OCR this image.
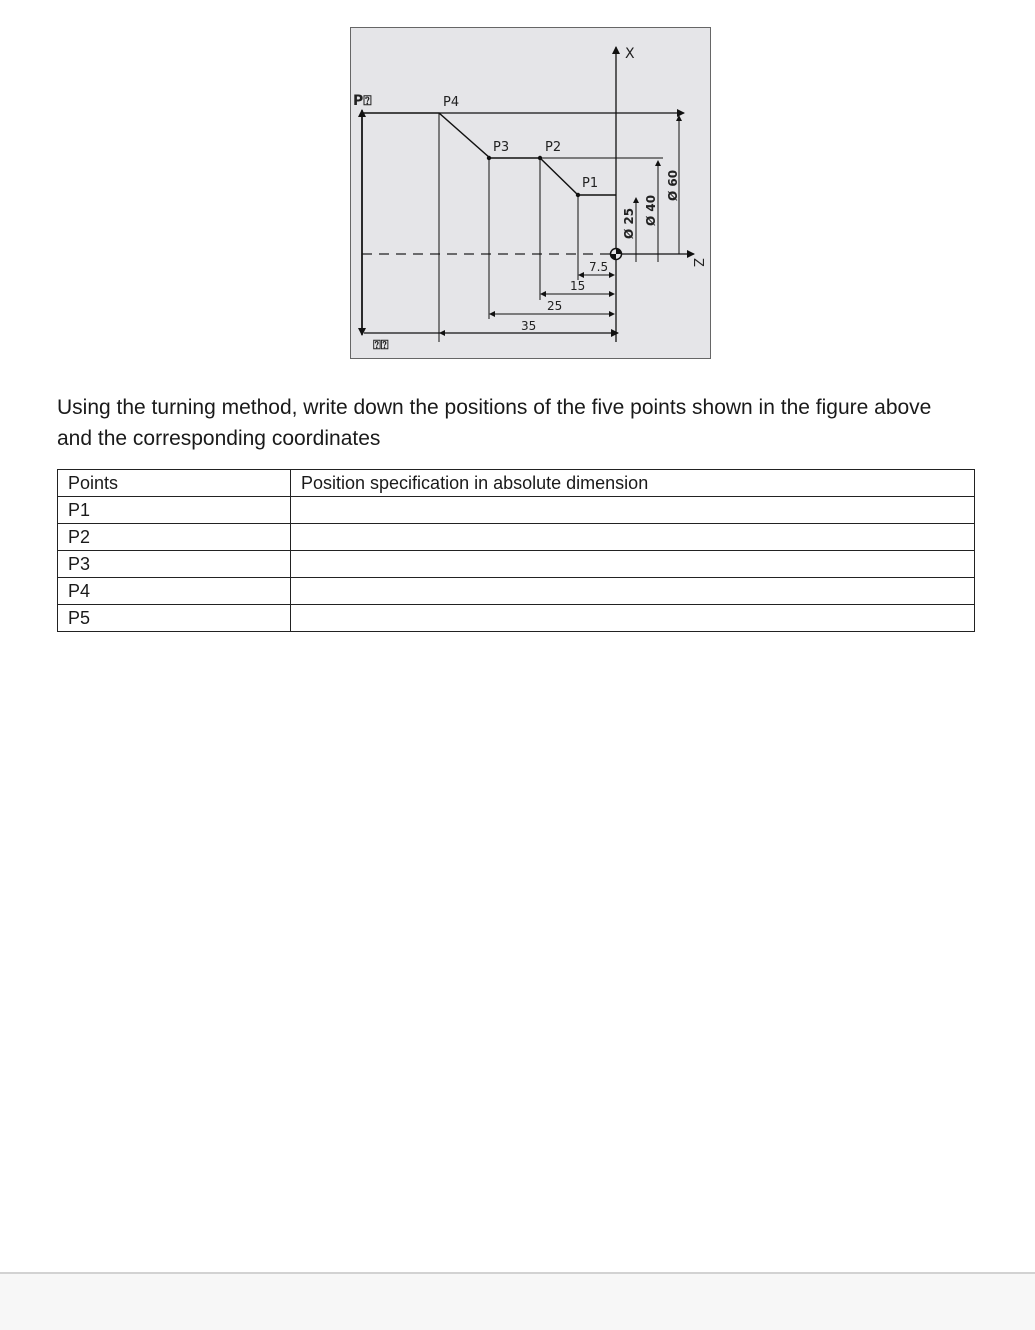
X
Z
P⍰	P4
P3	P2
P1
⍰⍰
Ø 25 Ø 40
Ø 60
7.5
15
25
35
Using the turning method, write down the positions of the five points shown in the figure above
and the corresponding coordinates
Points	Position specification in absolute dimension
P1	
P2	
P3	
P4	
P5	
